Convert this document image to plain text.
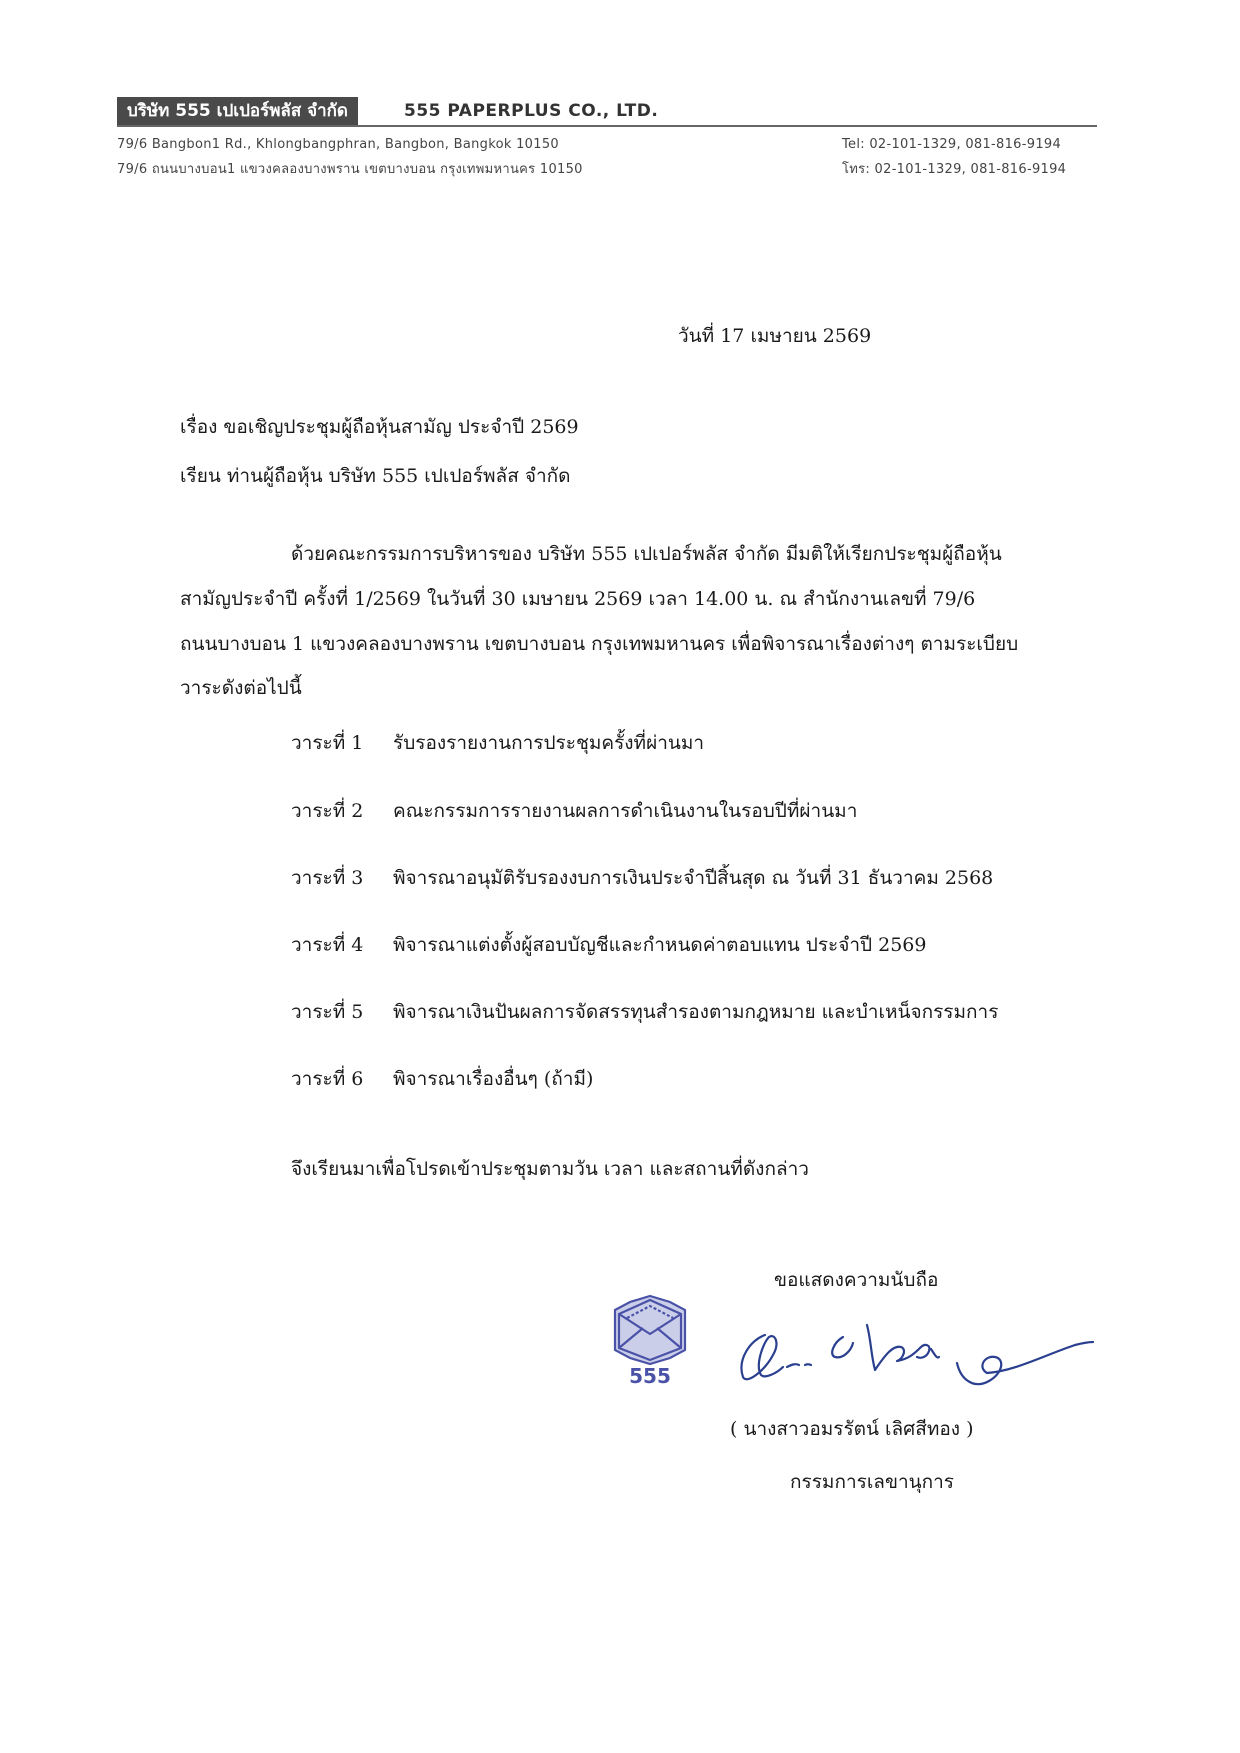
บริษัท 555 เปเปอร์พลัส จำกัด	555 PAPERPLUS CO., LTD.
79/6 Bangbon1 Rd., Khlongbangphran, Bangbon, Bangkok 10150
79/6 ถนนบางบอน1 แขวงคลองบางพราน เขตบางบอน กรุงเทพมหานคร 10150
Tel: 02-101-1329, 081-816-9194
โทร: 02-101-1329, 081-816-9194
วันที่ 17 เมษายน 2569
เรื่อง ขอเชิญประชุมผู้ถือหุ้นสามัญ ประจำปี 2569
เรียน ท่านผู้ถือหุ้น บริษัท 555 เปเปอร์พลัส จำกัด
ด้วยคณะกรรมการบริหารของ บริษัท 555 เปเปอร์พลัส จำกัด มีมติให้เรียกประชุมผู้ถือหุ้น
สามัญประจำปี ครั้งที่ 1/2569 ในวันที่ 30 เมษายน 2569 เวลา 14.00 น. ณ สำนักงานเลขที่ 79/6
ถนนบางบอน 1 แขวงคลองบางพราน เขตบางบอน กรุงเทพมหานคร เพื่อพิจารณาเรื่องต่างๆ ตามระเบียบ
วาระดังต่อไปนี้
วาระที่ 1 รับรองรายงานการประชุมครั้งที่ผ่านมา
วาระที่ 2 คณะกรรมการรายงานผลการดำเนินงานในรอบปีที่ผ่านมา
วาระที่ 3 พิจารณาอนุมัติรับรองงบการเงินประจำปีสิ้นสุด ณ วันที่ 31 ธันวาคม 2568
วาระที่ 4 พิจารณาแต่งตั้งผู้สอบบัญชีและกำหนดค่าตอบแทน ประจำปี 2569
วาระที่ 5 พิจารณาเงินปันผลการจัดสรรทุนสำรองตามกฎหมาย และบำเหน็จกรรมการ
วาระที่ 6 พิจารณาเรื่องอื่นๆ (ถ้ามี)
จึงเรียนมาเพื่อโปรดเข้าประชุมตามวัน เวลา และสถานที่ดังกล่าว
ขอแสดงความนับถือ
555
( นางสาวอมรรัตน์ เลิศสีทอง )
กรรมการเลขานุการ
